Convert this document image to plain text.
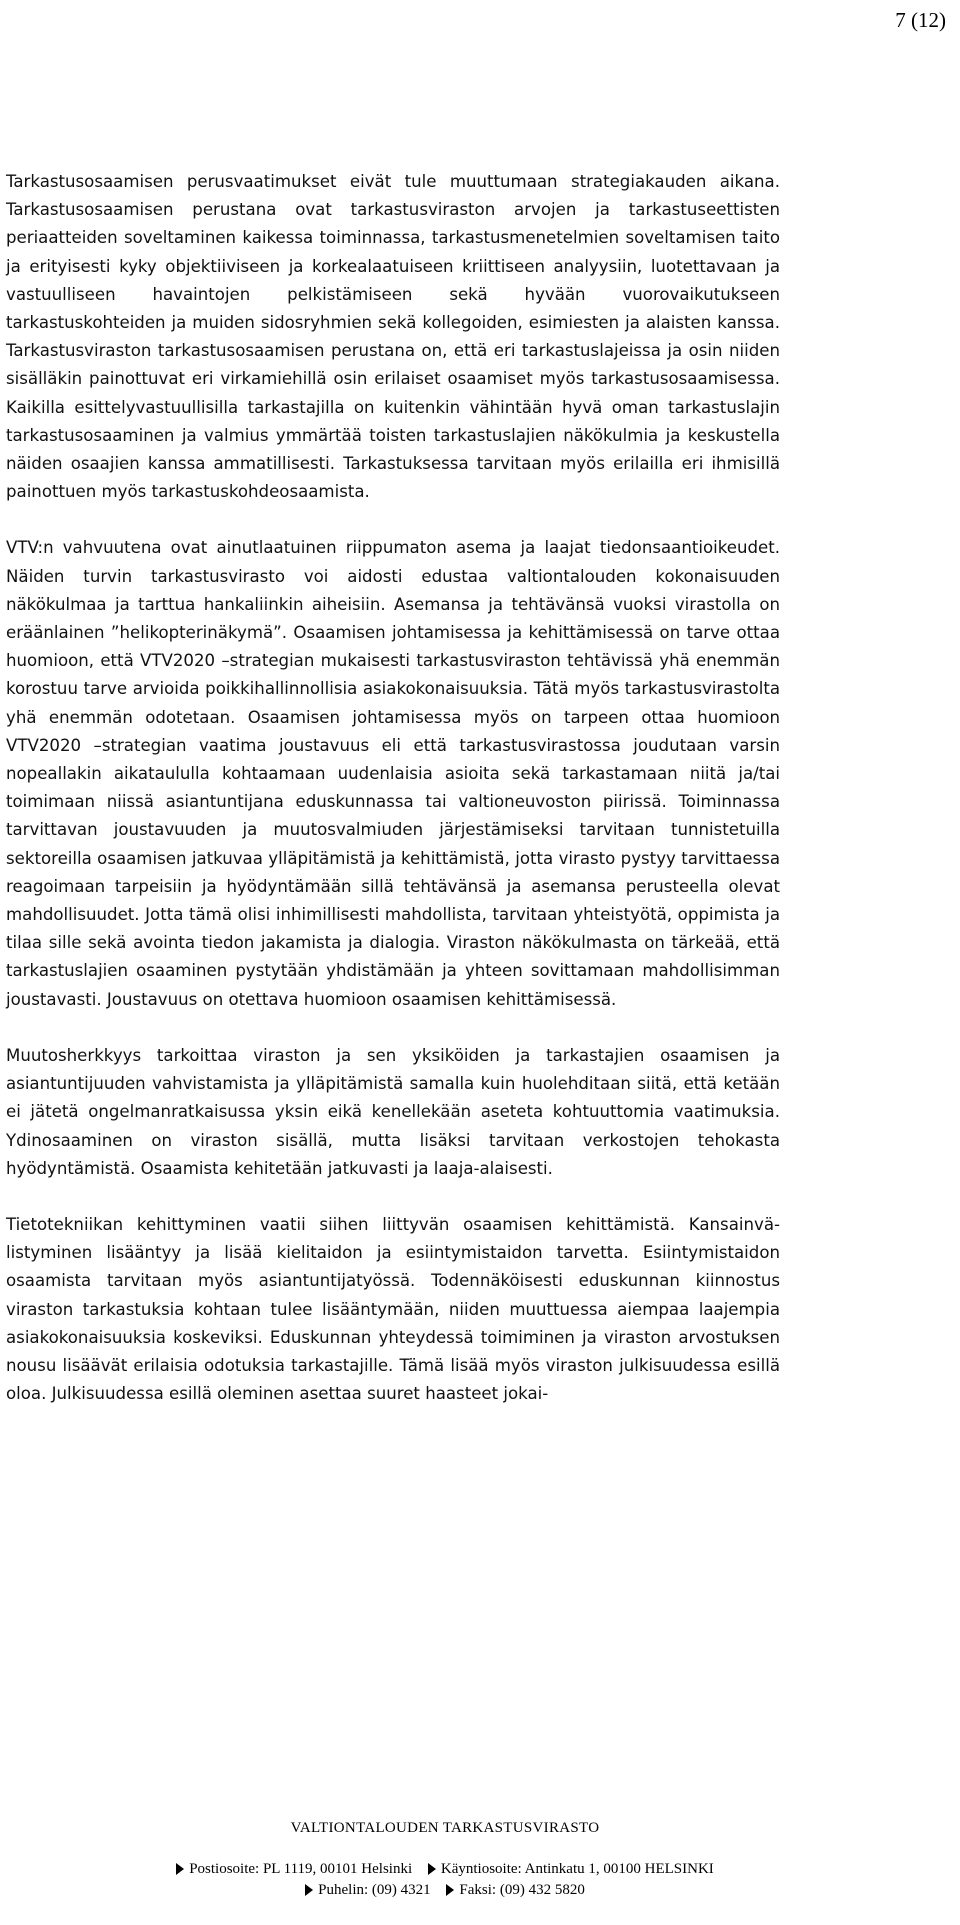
7 (12)

Tarkastusosaamisen perusvaatimukset eivät tule muuttumaan strategiakauden aikana. Tarkastusosaamisen perustana ovat tarkastusviraston arvojen ja tarkastuseettisten periaatteiden soveltaminen kaikessa toiminnassa, tarkastusmenetelmien soveltamisen taito ja erityisesti kyky objektiiviseen ja korkealaatuiseen kriittiseen analyysiin, luotettavaan ja vastuulliseen havaintojen pelkistämiseen sekä hyvään vuorovaikutukseen tarkastuskohteiden ja muiden sidosryhmien sekä kollegoiden, esimiesten ja alaisten kanssa. Tarkastusviraston tarkastusosaamisen perustana on, että eri tarkastuslajeissa ja osin niiden sisälläkin painottuvat eri virkamiehillä osin erilaiset osaamiset myös tarkastusosaamisessa. Kaikilla esittelyvastuullisilla tarkastajilla on kuitenkin vähintään hyvä oman tarkastuslajin tarkastusosaaminen ja valmius ymmärtää toisten tarkastuslajien näkökulmia ja keskustella näiden osaajien kanssa ammatillisesti. Tarkastuksessa tarvitaan myös erilailla eri ihmisillä painottuen myös tarkastuskohdeosaamista.

VTV:n vahvuutena ovat ainutlaatuinen riippumaton asema ja laajat tiedonsaantioikeudet. Näiden turvin tarkastusvirasto voi aidosti edustaa valtiontalouden kokonaisuuden näkökulmaa ja tarttua hankaliinkin aiheisiin. Asemansa ja tehtävänsä vuoksi virastolla on eräänlainen ”helikopterinäkymä”. Osaamisen johtamisessa ja kehittämisessä on tarve ottaa huomioon, että VTV2020 –strategian mukaisesti tarkastusviraston tehtävissä yhä enemmän korostuu tarve arvioida poikkihallinnollisia asiakokonaisuuksia. Tätä myös tarkastusvirastolta yhä enemmän odotetaan. Osaamisen johtamisessa myös on tarpeen ottaa huomioon VTV2020 –strategian vaatima joustavuus eli että tarkastusvirastossa joudutaan varsin nopeallakin aikataululla kohtaamaan uudenlaisia asioita sekä tarkastamaan niitä ja/tai toimimaan niissä asiantuntijana eduskunnassa tai valtioneuvoston piirissä. Toiminnassa tarvittavan joustavuuden ja muutosvalmiuden järjestämiseksi tarvitaan tunnistetuilla sektoreilla osaamisen jatkuvaa ylläpitämistä ja kehittämistä, jotta virasto pystyy tarvittaessa reagoimaan tarpeisiin ja hyödyntämään sillä tehtävänsä ja asemansa perusteella olevat mahdollisuudet. Jotta tämä olisi inhimillisesti mahdollista, tarvitaan yhteistyötä, oppimista ja tilaa sille sekä avointa tiedon jakamista ja dialogia. Viraston näkökulmasta on tärkeää, että tarkastuslajien osaaminen pystytään yhdistämään ja yhteen sovittamaan mahdollisimman joustavasti. Joustavuus on otettava huomioon osaamisen kehittämisessä.

Muutosherkkyys tarkoittaa viraston ja sen yksiköiden ja tarkastajien osaamisen ja asiantuntijuuden vahvistamista ja ylläpitämistä samalla kuin huolehditaan siitä, että ketään ei jätetä ongelmanratkaisussa yksin eikä kenellekään aseteta kohtuuttomia vaatimuksia. Ydinosaaminen on viraston sisällä, mutta lisäksi tarvitaan verkostojen tehokasta hyödyntämistä. Osaamista kehitetään jatkuvasti ja laaja-alaisesti.

Tietotekniikan kehittyminen vaatii siihen liittyvän osaamisen kehittämistä. Kansainvälistyminen lisääntyy ja lisää kielitaidon ja esiintymistaidon tarvetta. Esiintymistaidon osaamista tarvitaan myös asiantuntijatyössä. Todennäköisesti eduskunnan kiinnostus viraston tarkastuksia kohtaan tulee lisääntymään, niiden muuttuessa aiempaa laajempia asiakokonaisuuksia koskeviksi. Eduskunnan yhteydessä toimiminen ja viraston arvostuksen nousu lisäävät erilaisia odotuksia tarkastajille. Tämä lisää myös viraston julkisuudessa esillä oloa. Julkisuudessa esillä oleminen asettaa suuret haasteet jokai-

VALTIONTALOUDEN TARKASTUSVIRASTO
Postiosoite: PL 1119, 00101 Helsinki Käyntiosoite: Antinkatu 1, 00100 HELSINKI
Puhelin: (09) 4321 Faksi: (09) 432 5820
